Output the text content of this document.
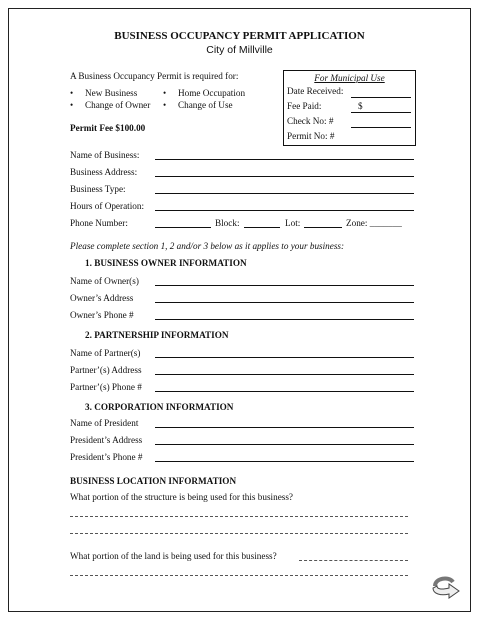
BUSINESS OCCUPANCY PERMIT APPLICATION
City of Millville
A Business Occupancy Permit is required for:
• New Business
• Change of Owner
• Home Occupation
• Change of Use
Permit Fee $100.00
For Municipal Use
Date Received:
Fee Paid:	$
Check No: #
Permit No: #
Name of Business:
Business Address:
Business Type:
Hours of Operation:
Phone Number:	Block:	Lot:	Zone: _______
Please complete section 1, 2 and/or 3 below as it applies to your business:
1. BUSINESS OWNER INFORMATION
Name of Owner(s)
Owner’s Address
Owner’s Phone #
2. PARTNERSHIP INFORMATION
Name of Partner(s)
Partner’(s) Address
Partner’(s) Phone #
3. CORPORATION INFORMATION
Name of President
President’s Address
President’s Phone #
BUSINESS LOCATION INFORMATION
What portion of the structure is being used for this business?
What portion of the land is being used for this business?
